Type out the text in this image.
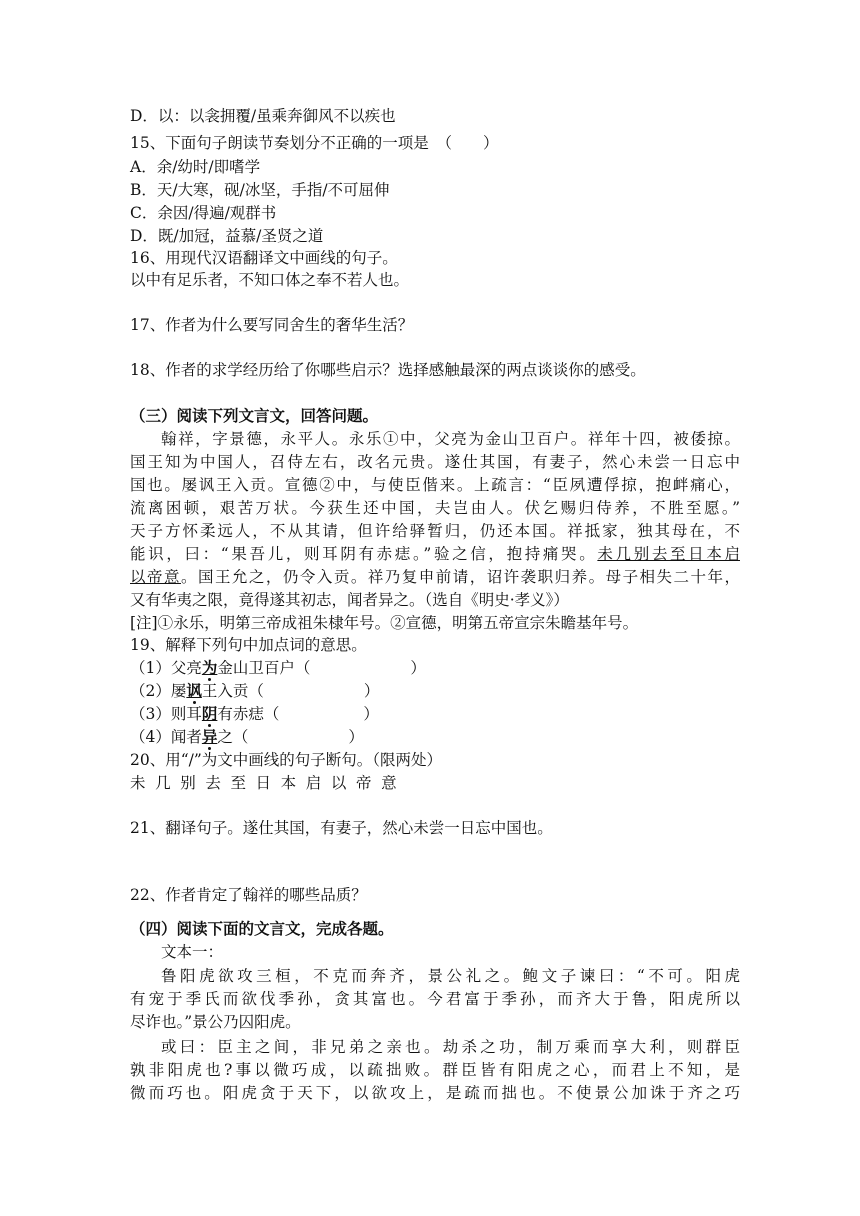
D．以：以衾拥覆/虽乘奔御风不以疾也
15、下面句子朗读节奏划分不正确的一项是　（　　）
A．余/幼时/即嗜学
B．天/大寒，砚/冰坚，手指/不可屈伸
C．余因/得遍/观群书
D．既/加冠，益慕/圣贤之道
16、用现代汉语翻译文中画线的句子。
以中有足乐者，不知口体之奉不若人也。
17、作者为什么要写同舍生的奢华生活？
18、作者的求学经历给了你哪些启示？选择感触最深的两点谈谈你的感受。
（三）阅读下列文言文，回答问题。
翰祥，字景德，永平人。永乐①中，父亮为金山卫百户。祥年十四，被倭掠。
国王知为中国人，召侍左右，改名元贵。遂仕其国，有妻子，然心未尝一日忘中
国也。屡讽王入贡。宣德②中，与使臣偕来。上疏言：“臣夙遭俘掠，抱衅痛心，
流离困顿，艰苦万状。今获生还中国，夫岂由人。伏乞赐归侍养，不胜至愿。”
天子方怀柔远人，不从其请，但许给驿暂归，仍还本国。祥抵家，独其母在，不
能识，曰：“果吾儿，则耳阴有赤痣。”验之信，抱持痛哭。未几别去至日本启
以帝意。国王允之，仍令入贡。祥乃复申前请，诏许袭职归养。母子相失二十年，
又有华夷之限，竟得遂其初志，闻者异之。（选自《明史·孝义》）
[注]①永乐，明第三帝成祖朱棣年号。②宣德，明第五帝宣宗朱瞻基年号。
19、解释下列句中加点词的意思。
（1）父亮为金山卫百户（	）
（2）屡讽王入贡（	）
（3）则耳阴有赤痣（	）
（4）闻者异之（	）
20、用“/”为文中画线的句子断句。（限两处）
未几别去至日本启以帝意
21、翻译句子。遂仕其国，有妻子，然心未尝一日忘中国也。
22、作者肯定了翰祥的哪些品质？
（四）阅读下面的文言文，完成各题。
文本一：
鲁阳虎欲攻三桓，不克而奔齐，景公礼之。鲍文子谏曰：“不可。阳虎
有宠于季氏而欲伐季孙，贪其富也。今君富于季孙，而齐大于鲁，阳虎所以
尽诈也。”景公乃囚阳虎。
或曰：臣主之间，非兄弟之亲也。劫杀之功，制万乘而享大利，则群臣
孰非阳虎也?事以微巧成，以疏拙败。群臣皆有阳虎之心，而君上不知，是
微而巧也。阳虎贪于天下，以欲攻上，是疏而拙也。不使景公加诛于齐之巧
